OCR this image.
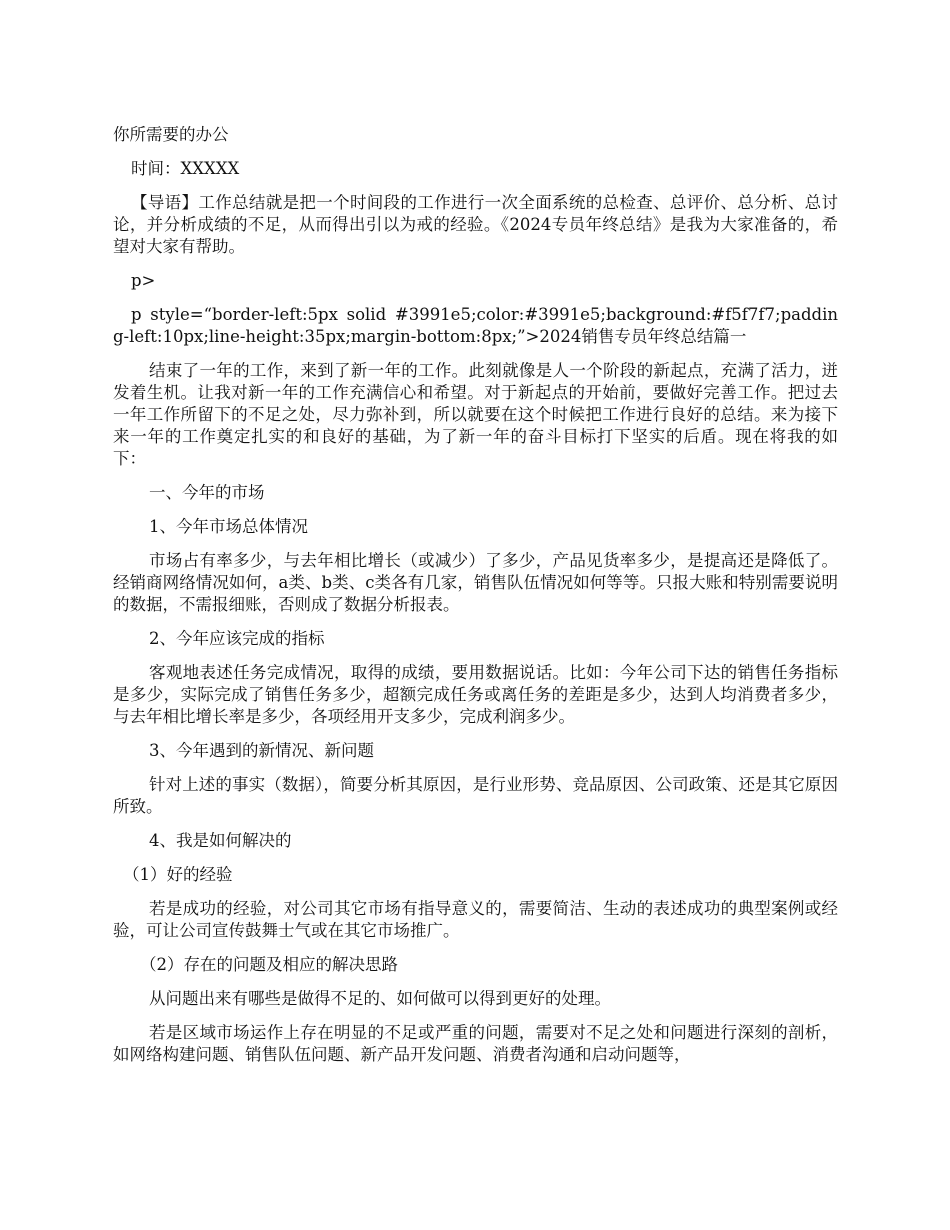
你所需要的办公

时间：XXXXX

【导语】工作总结就是把一个时间段的工作进行一次全面系统的总检查、总评价、总分析、总讨论，并分析成绩的不足，从而得出引以为戒的经验。《2024专员年终总结》是我为大家准备的，希望对大家有帮助。

p>

p style=“border-left:5px solid #3991e5;color:#3991e5;background:#f5f7f7;padding-left:10px;line-height:35px;margin-bottom:8px;”>2024销售专员年终总结篇一

结束了一年的工作，来到了新一年的工作。此刻就像是人一个阶段的新起点，充满了活力，迸发着生机。让我对新一年的工作充满信心和希望。对于新起点的开始前，要做好完善工作。把过去一年工作所留下的不足之处，尽力弥补到，所以就要在这个时候把工作进行良好的总结。来为接下来一年的工作奠定扎实的和良好的基础，为了新一年的奋斗目标打下坚实的后盾。现在将我的如下：

一、今年的市场

1、今年市场总体情况

市场占有率多少，与去年相比增长（或减少）了多少，产品见货率多少，是提高还是降低了。经销商网络情况如何，a类、b类、c类各有几家，销售队伍情况如何等等。只报大账和特别需要说明的数据，不需报细账，否则成了数据分析报表。

2、今年应该完成的指标

客观地表述任务完成情况，取得的成绩，要用数据说话。比如：今年公司下达的销售任务指标是多少，实际完成了销售任务多少，超额完成任务或离任务的差距是多少，达到人均消费者多少，与去年相比增长率是多少，各项经用开支多少，完成利润多少。

3、今年遇到的新情况、新问题

针对上述的事实（数据），简要分析其原因，是行业形势、竞品原因、公司政策、还是其它原因所致。

4、我是如何解决的

（1）好的经验

若是成功的经验，对公司其它市场有指导意义的，需要简洁、生动的表述成功的典型案例或经验，可让公司宣传鼓舞士气或在其它市场推广。

（2）存在的问题及相应的解决思路

从问题出来有哪些是做得不足的、如何做可以得到更好的处理。

若是区域市场运作上存在明显的不足或严重的问题，需要对不足之处和问题进行深刻的剖析，如网络构建问题、销售队伍问题、新产品开发问题、消费者沟通和启动问题等，
